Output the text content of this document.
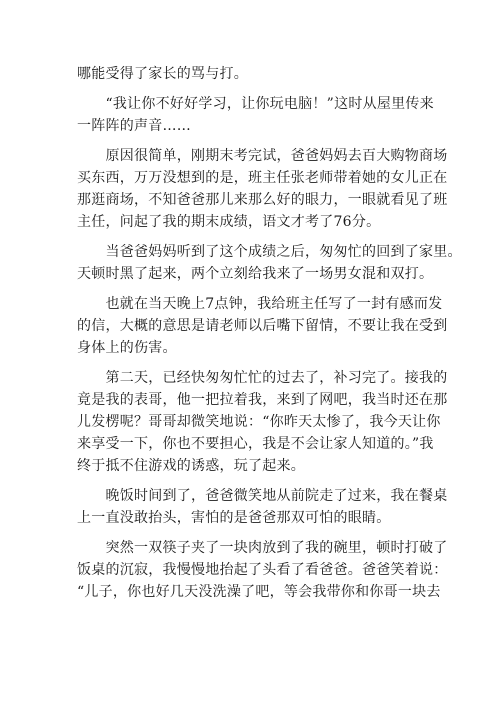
哪能受得了家长的骂与打。
　　“我让你不好好学习，让你玩电脑！”这时从屋里传来
一阵阵的声音……
　　原因很简单，刚期末考完试，爸爸妈妈去百大购物商场
买东西，万万没想到的是，班主任张老师带着她的女儿正在
那逛商场，不知爸爸那儿来那么好的眼力，一眼就看见了班
主任，问起了我的期末成绩，语文才考了76分。
　　当爸爸妈妈听到了这个成绩之后，匆匆忙的回到了家里。
天顿时黑了起来，两个立刻给我来了一场男女混和双打。
　　也就在当天晚上7点钟，我给班主任写了一封有感而发
的信，大概的意思是请老师以后嘴下留情，不要让我在受到
身体上的伤害。
　　第二天，已经快匆匆忙忙的过去了，补习完了。接我的
竟是我的表哥，他一把拉着我，来到了网吧，我当时还在那
儿发楞呢？哥哥却微笑地说：“你昨天太惨了，我今天让你
来享受一下，你也不要担心，我是不会让家人知道的。”我
终于抵不住游戏的诱惑，玩了起来。
　　晚饭时间到了，爸爸微笑地从前院走了过来，我在餐桌
上一直没敢抬头，害怕的是爸爸那双可怕的眼睛。
　　突然一双筷子夹了一块肉放到了我的碗里，顿时打破了
饭桌的沉寂，我慢慢地抬起了头看了看爸爸。爸爸笑着说：
“儿子，你也好几天没洗澡了吧，等会我带你和你哥一块去
